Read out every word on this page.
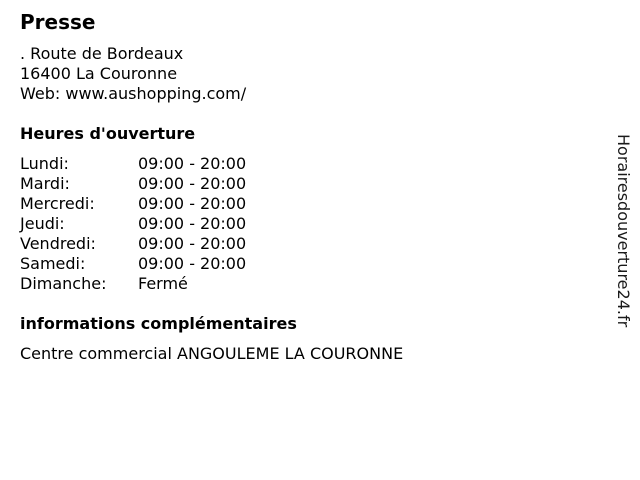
Presse
. Route de Bordeaux
16400 La Couronne
Web: www.aushopping.com/
Heures d'ouverture
Lundi:	09:00 - 20:00
Mardi:	09:00 - 20:00
Mercredi:	09:00 - 20:00
Jeudi:	09:00 - 20:00
Vendredi:	09:00 - 20:00
Samedi:	09:00 - 20:00
Dimanche: Fermé
informations complémentaires
Centre commercial ANGOULEME LA COURONNE
Horairesdouverture24.fr
